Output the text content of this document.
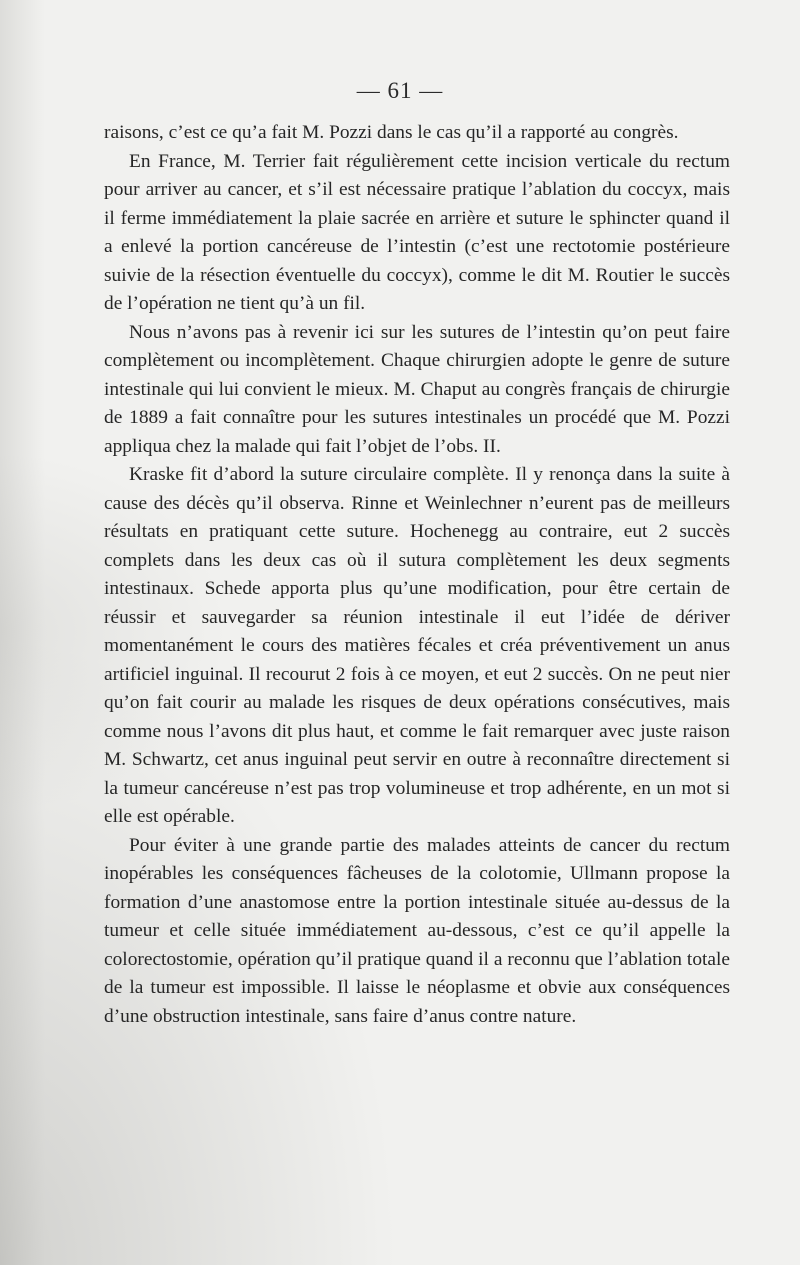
— 61 —

raisons, c’est ce qu’a fait M. Pozzi dans le cas qu’il a rapporté au congrès.

En France, M. Terrier fait régulièrement cette incision verticale du rectum pour arriver au cancer, et s’il est nécessaire pratique l’ablation du coccyx, mais il ferme immédiatement la plaie sacrée en arrière et suture le sphincter quand il a enlevé la portion cancéreuse de l’intestin (c’est une rectotomie postérieure suivie de la résection éventuelle du coccyx), comme le dit M. Routier le succès de l’opération ne tient qu’à un fil.

Nous n’avons pas à revenir ici sur les sutures de l’intestin qu’on peut faire complètement ou incomplètement. Chaque chirurgien adopte le genre de suture intestinale qui lui convient le mieux. M. Chaput au congrès français de chirurgie de 1889 a fait connaître pour les sutures intestinales un procédé que M. Pozzi appliqua chez la malade qui fait l’objet de l’obs. II.

Kraske fit d’abord la suture circulaire complète. Il y renonça dans la suite à cause des décès qu’il observa. Rinne et Weinlechner n’eurent pas de meilleurs résultats en pratiquant cette suture. Hochenegg au contraire, eut 2 succès complets dans les deux cas où il sutura complètement les deux segments intestinaux. Schede apporta plus qu’une modification, pour être certain de réussir et sauvegarder sa réunion intestinale il eut l’idée de dériver momentanément le cours des matières fécales et créa préventivement un anus artificiel inguinal. Il recourut 2 fois à ce moyen, et eut 2 succès. On ne peut nier qu’on fait courir au malade les risques de deux opérations consécutives, mais comme nous l’avons dit plus haut, et comme le fait remarquer avec juste raison M. Schwartz, cet anus inguinal peut servir en outre à reconnaître directement si la tumeur cancéreuse n’est pas trop volumineuse et trop adhérente, en un mot si elle est opérable.

Pour éviter à une grande partie des malades atteints de cancer du rectum inopérables les conséquences fâcheuses de la colotomie, Ullmann propose la formation d’une anastomose entre la portion intestinale située au-dessus de la tumeur et celle située immédiatement au-dessous, c’est ce qu’il appelle la colorectostomie, opération qu’il pratique quand il a reconnu que l’ablation totale de la tumeur est impossible. Il laisse le néoplasme et obvie aux conséquences d’une obstruction intestinale, sans faire d’anus contre nature.
